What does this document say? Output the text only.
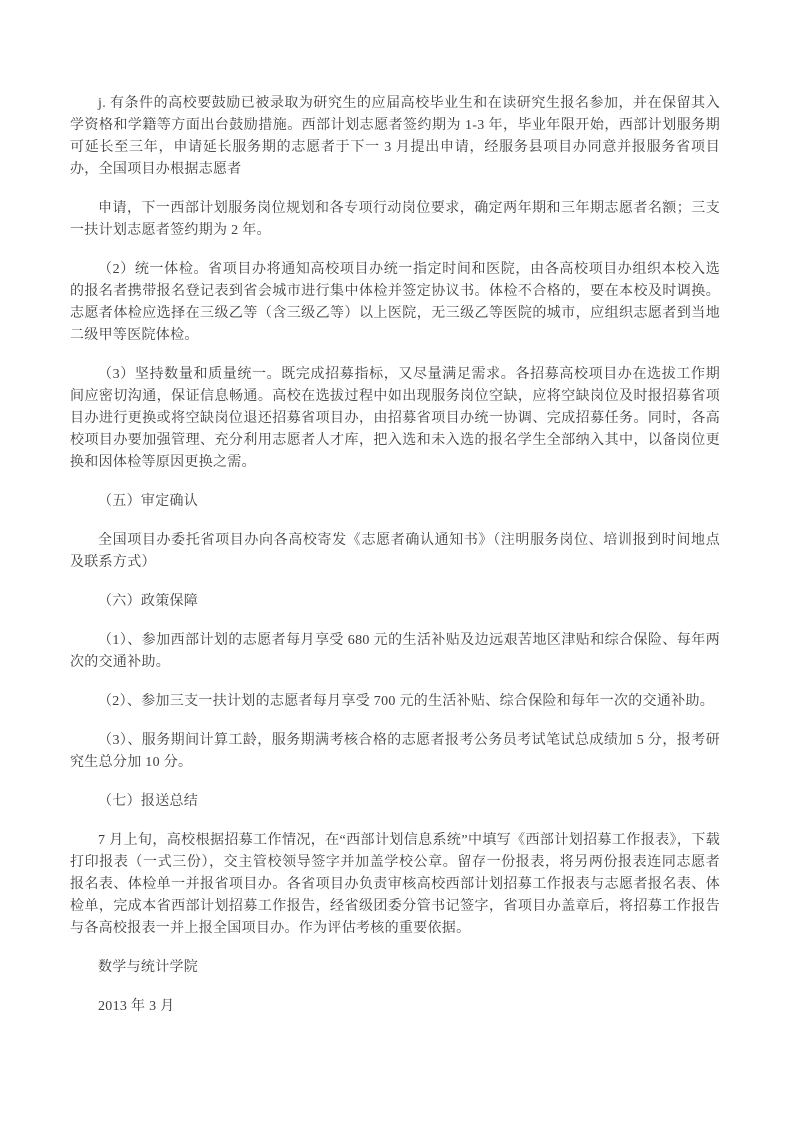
j. 有条件的高校要鼓励已被录取为研究生的应届高校毕业生和在读研究生报名参加，并在保留其入学资格和学籍等方面出台鼓励措施。西部计划志愿者签约期为 1-3 年，毕业年限开始，西部计划服务期可延长至三年，申请延长服务期的志愿者于下一 3 月提出申请，经服务县项目办同意并报服务省项目办，全国项目办根据志愿者

申请，下一西部计划服务岗位规划和各专项行动岗位要求，确定两年期和三年期志愿者名额；三支一扶计划志愿者签约期为 2 年。

（2）统一体检。省项目办将通知高校项目办统一指定时间和医院，由各高校项目办组织本校入选的报名者携带报名登记表到省会城市进行集中体检并签定协议书。体检不合格的，要在本校及时调换。志愿者体检应选择在三级乙等（含三级乙等）以上医院，无三级乙等医院的城市，应组织志愿者到当地二级甲等医院体检。

（3）坚持数量和质量统一。既完成招募指标，又尽量满足需求。各招募高校项目办在选拔工作期间应密切沟通，保证信息畅通。高校在选拔过程中如出现服务岗位空缺，应将空缺岗位及时报招募省项目办进行更换或将空缺岗位退还招募省项目办，由招募省项目办统一协调、完成招募任务。同时，各高校项目办要加强管理、充分利用志愿者人才库，把入选和未入选的报名学生全部纳入其中，以备岗位更换和因体检等原因更换之需。

（五）审定确认

全国项目办委托省项目办向各高校寄发《志愿者确认通知书》（注明服务岗位、培训报到时间地点及联系方式）

（六）政策保障

（1）、参加西部计划的志愿者每月享受 680 元的生活补贴及边远艰苦地区津贴和综合保险、每年两次的交通补助。

（2）、参加三支一扶计划的志愿者每月享受 700 元的生活补贴、综合保险和每年一次的交通补助。

（3）、服务期间计算工龄，服务期满考核合格的志愿者报考公务员考试笔试总成绩加 5 分，报考研究生总分加 10 分。

（七）报送总结

7 月上旬，高校根据招募工作情况，在“西部计划信息系统”中填写《西部计划招募工作报表》，下载打印报表（一式三份），交主管校领导签字并加盖学校公章。留存一份报表，将另两份报表连同志愿者报名表、体检单一并报省项目办。各省项目办负责审核高校西部计划招募工作报表与志愿者报名表、体检单，完成本省西部计划招募工作报告，经省级团委分管书记签字，省项目办盖章后，将招募工作报告与各高校报表一并上报全国项目办。作为评估考核的重要依据。

数学与统计学院

2013 年 3 月
